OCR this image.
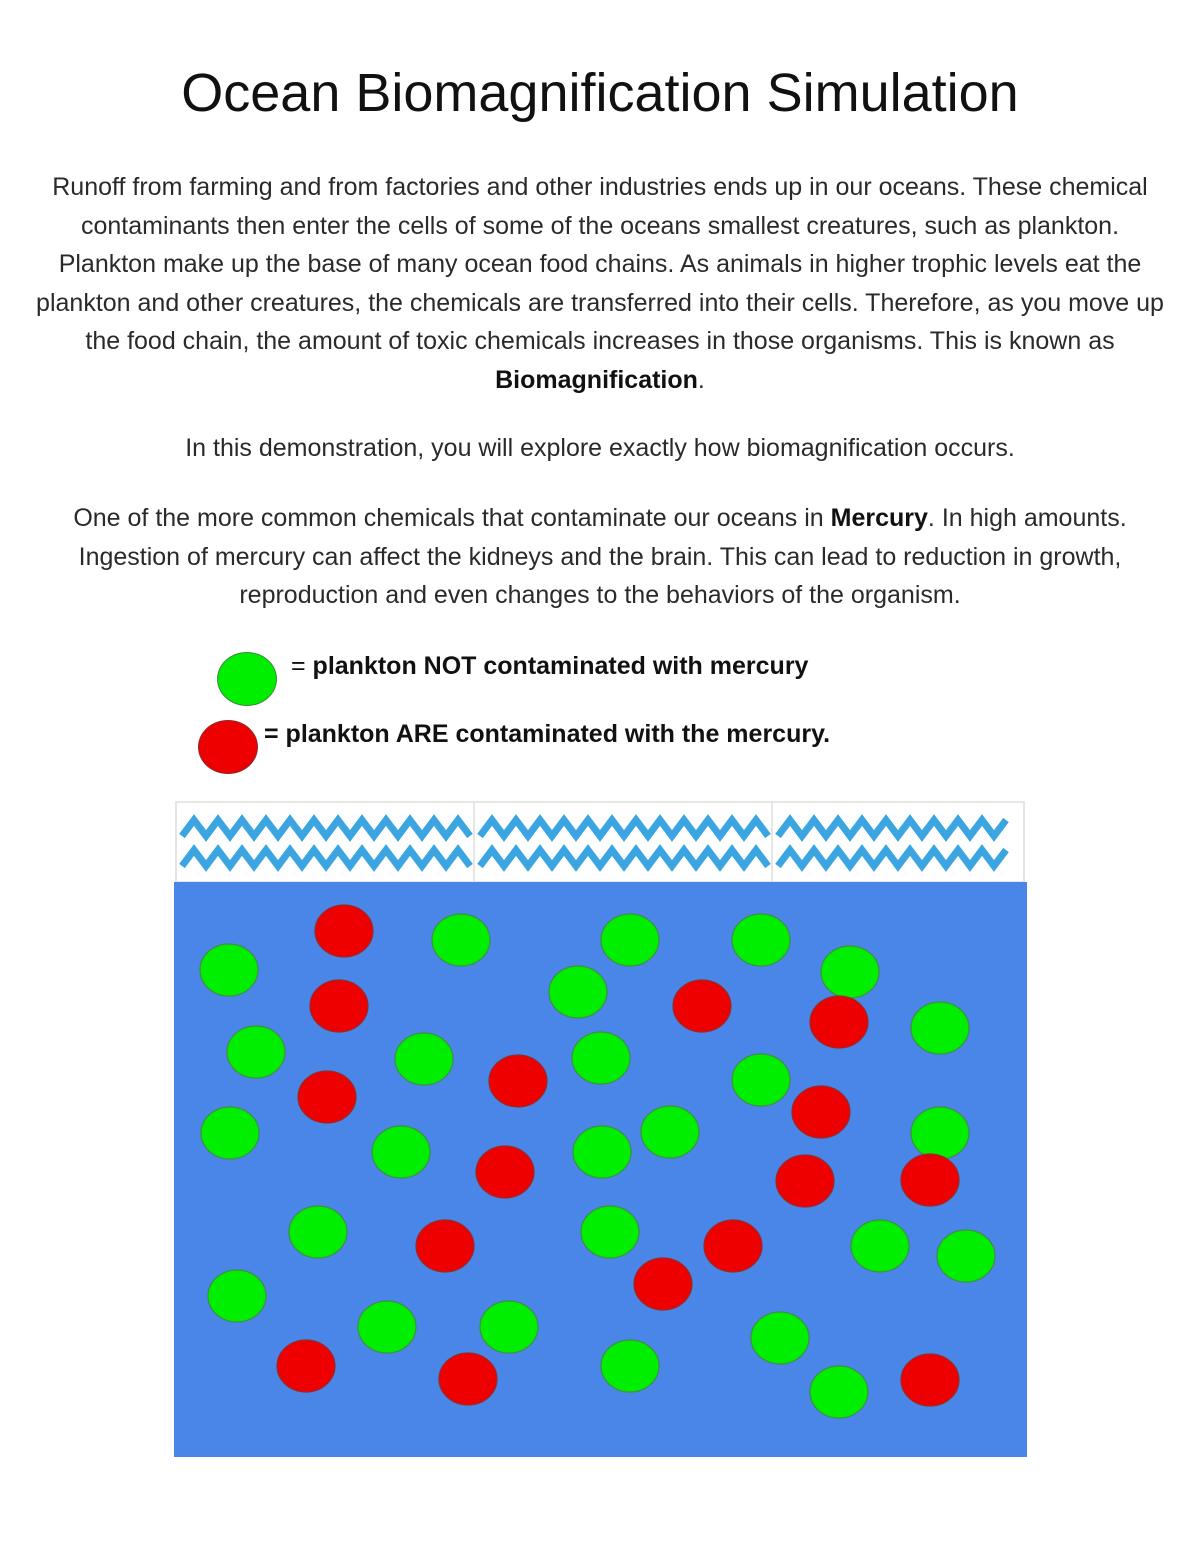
Ocean Biomagnification Simulation

Runoff from farming and from factories and other industries ends up in our oceans. These chemical contaminants then enter the cells of some of the oceans smallest creatures, such as plankton. Plankton make up the base of many ocean food chains. As animals in higher trophic levels eat the plankton and other creatures, the chemicals are transferred into their cells. Therefore, as you move up the food chain, the amount of toxic chemicals increases in those organisms. This is known as Biomagnification.

In this demonstration, you will explore exactly how biomagnification occurs.

One of the more common chemicals that contaminate our oceans in Mercury. In high amounts. Ingestion of mercury can affect the kidneys and the brain. This can lead to reduction in growth, reproduction and even changes to the behaviors of the organism.

= plankton NOT contaminated with mercury
= plankton ARE contaminated with the mercury.
